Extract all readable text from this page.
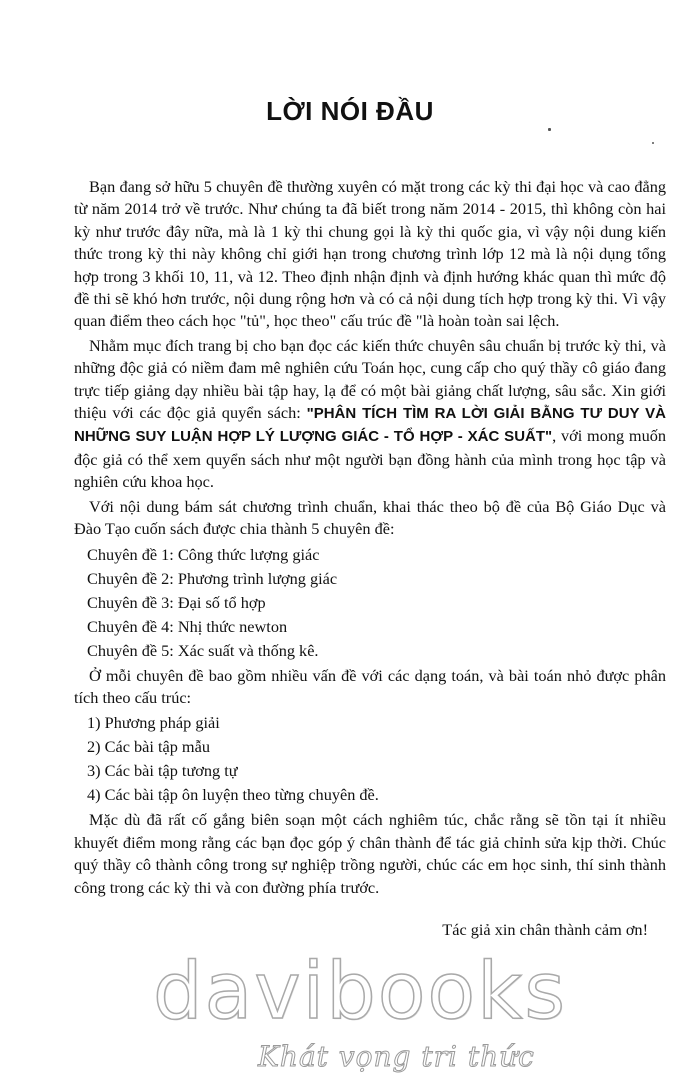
LỜI NÓI ĐẦU

Bạn đang sở hữu 5 chuyên đề thường xuyên có mặt trong các kỳ thi đại học và cao đẳng từ năm 2014 trở về trước. Như chúng ta đã biết trong năm 2014 - 2015, thì không còn hai kỳ như trước đây nữa, mà là 1 kỳ thi chung gọi là kỳ thi quốc gia, vì vậy nội dung kiến thức trong kỳ thi này không chỉ giới hạn trong chương trình lớp 12 mà là nội dụng tổng hợp trong 3 khối 10, 11, và 12. Theo định nhận định và định hướng khác quan thì mức độ đề thi sẽ khó hơn trước, nội dung rộng hơn và có cả nội dung tích hợp trong kỳ thi. Vì vậy quan điểm theo cách học "tủ", học theo" cấu trúc đề "là hoàn toàn sai lệch.

Nhằm mục đích trang bị cho bạn đọc các kiến thức chuyên sâu chuẩn bị trước kỳ thi, và những độc giả có niềm đam mê nghiên cứu Toán học, cung cấp cho quý thầy cô giáo đang trực tiếp giảng dạy nhiều bài tập hay, lạ để có một bài giảng chất lượng, sâu sắc. Xin giới thiệu với các độc giả quyển sách: "PHÂN TÍCH TÌM RA LỜI GIẢI BẰNG TƯ DUY VÀ NHỮNG SUY LUẬN HỢP LÝ LƯỢNG GIÁC - TỔ HỢP - XÁC SUẤT", với mong muốn độc giả có thể xem quyển sách như một người bạn đồng hành của mình trong học tập và nghiên cứu khoa học.

Với nội dung bám sát chương trình chuẩn, khai thác theo bộ đề của Bộ Giáo Dục và Đào Tạo cuốn sách được chia thành 5 chuyên đề:

Chuyên đề 1: Công thức lượng giác
Chuyên đề 2: Phương trình lượng giác
Chuyên đề 3: Đại số tổ hợp
Chuyên đề 4: Nhị thức newton
Chuyên đề 5: Xác suất và thống kê.

Ở mỗi chuyên đề bao gồm nhiều vấn đề với các dạng toán, và bài toán nhỏ được phân tích theo cấu trúc:

1) Phương pháp giải
2) Các bài tập mẫu
3) Các bài tập tương tự
4) Các bài tập ôn luyện theo từng chuyên đề.

Mặc dù đã rất cố gắng biên soạn một cách nghiêm túc, chắc rằng sẽ tồn tại ít nhiều khuyết điểm mong rằng các bạn đọc góp ý chân thành để tác giả chỉnh sửa kịp thời. Chúc quý thầy cô thành công trong sự nghiệp trồng người, chúc các em học sinh, thí sinh thành công trong các kỳ thi và con đường phía trước.

Tác giả xin chân thành cảm ơn!
davibooks
Khát vọng tri thức
